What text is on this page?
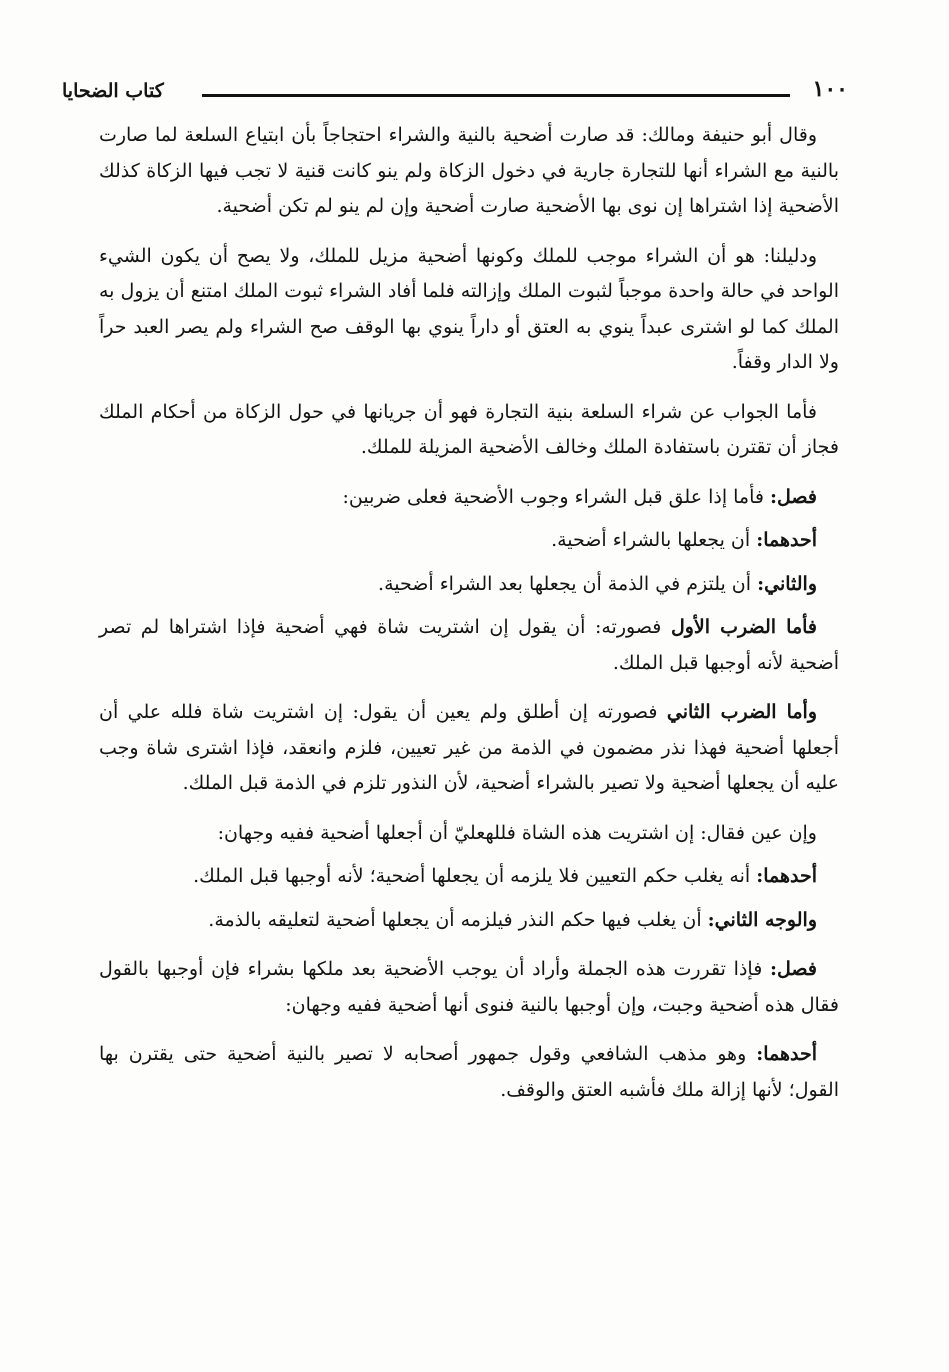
كتاب الضحايا	١٠٠

وقال أبو حنيفة ومالك: قد صارت أضحية بالنية والشراء احتجاجاً بأن ابتياع السلعة لما صارت بالنية مع الشراء أنها للتجارة جارية في دخول الزكاة ولم ينو كانت قنية لا تجب فيها الزكاة كذلك الأضحية إذا اشتراها إن نوى بها الأضحية صارت أضحية وإن لم ينو لم تكن أضحية.

ودليلنا: هو أن الشراء موجب للملك وكونها أضحية مزيل للملك، ولا يصح أن يكون الشيء الواحد في حالة واحدة موجباً لثبوت الملك وإزالته فلما أفاد الشراء ثبوت الملك امتنع أن يزول به الملك كما لو اشترى عبداً ينوي به العتق أو داراً ينوي بها الوقف صح الشراء ولم يصر العبد حراً ولا الدار وقفاً.

فأما الجواب عن شراء السلعة بنية التجارة فهو أن جريانها في حول الزكاة من أحكام الملك فجاز أن تقترن باستفادة الملك وخالف الأضحية المزيلة للملك.

فصل: فأما إذا علق قبل الشراء وجوب الأضحية فعلى ضربين:

أحدهما: أن يجعلها بالشراء أضحية.

والثاني: أن يلتزم في الذمة أن يجعلها بعد الشراء أضحية.

فأما الضرب الأول فصورته: أن يقول إن اشتريت شاة فهي أضحية فإذا اشتراها لم تصر أضحية لأنه أوجبها قبل الملك.

وأما الضرب الثاني فصورته إن أطلق ولم يعين أن يقول: إن اشتريت شاة فلله علي أن أجعلها أضحية فهذا نذر مضمون في الذمة من غير تعيين، فلزم وانعقد، فإذا اشترى شاة وجب عليه أن يجعلها أضحية ولا تصير بالشراء أضحية، لأن النذور تلزم في الذمة قبل الملك.

وإن عين فقال: إن اشتريت هذه الشاة فللهعليّ أن أجعلها أضحية ففيه وجهان:

أحدهما: أنه يغلب حكم التعيين فلا يلزمه أن يجعلها أضحية؛ لأنه أوجبها قبل الملك.

والوجه الثاني: أن يغلب فيها حكم النذر فيلزمه أن يجعلها أضحية لتعليقه بالذمة.

فصل: فإذا تقررت هذه الجملة وأراد أن يوجب الأضحية بعد ملكها بشراء فإن أوجبها بالقول فقال هذه أضحية وجبت، وإن أوجبها بالنية فنوى أنها أضحية ففيه وجهان:

أحدهما: وهو مذهب الشافعي وقول جمهور أصحابه لا تصير بالنية أضحية حتى يقترن بها القول؛ لأنها إزالة ملك فأشبه العتق والوقف.
